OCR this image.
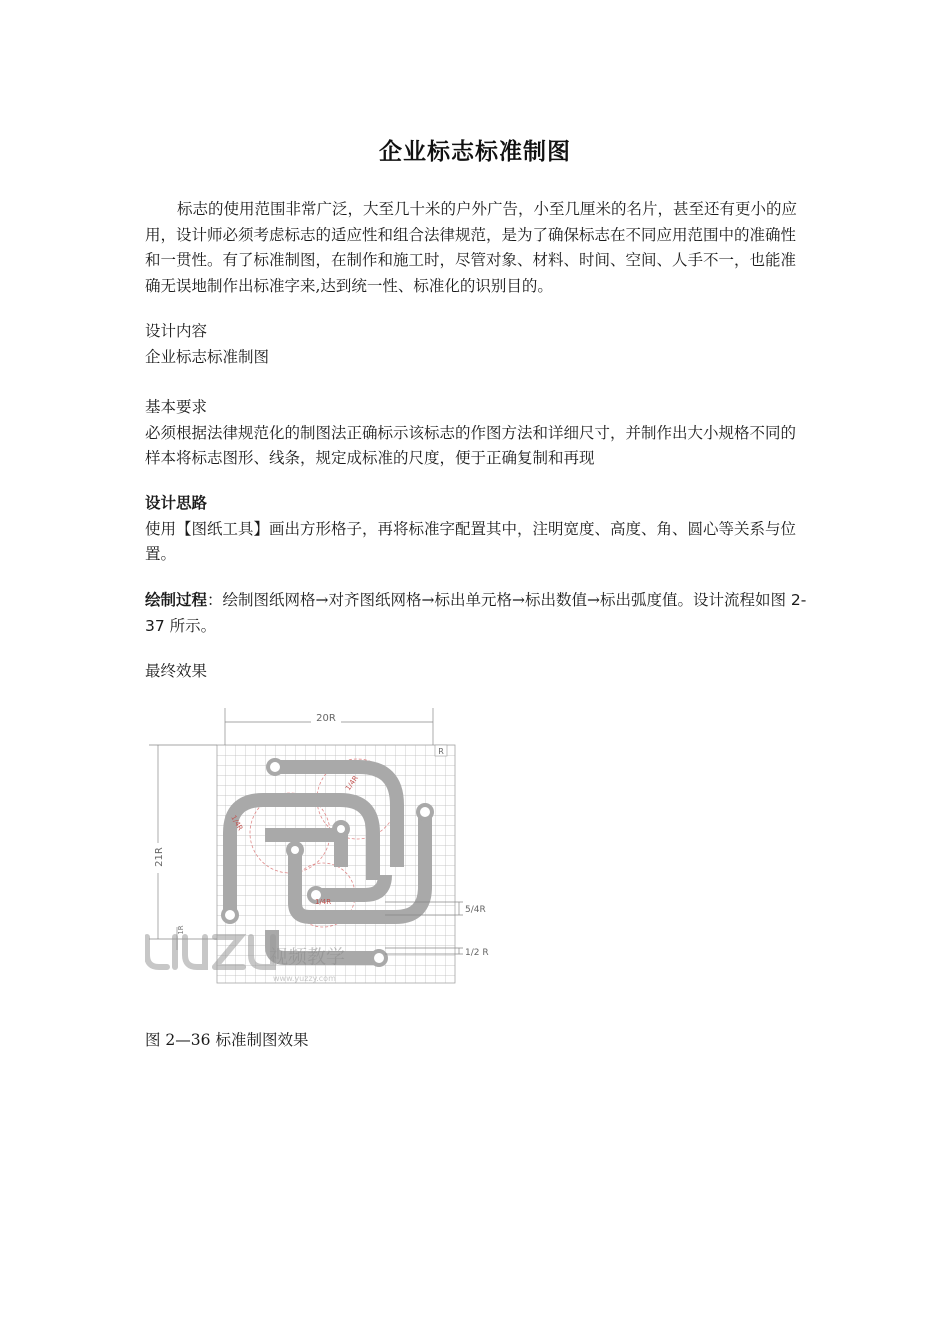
企业标志标准制图
标志的使用范围非常广泛，大至几十米的户外广告，小至几厘米的名片，甚至还有更小的应用，设计师必须考虑标志的适应性和组合法律规范，是为了确保标志在不同应用范围中的准确性和一贯性。有了标准制图，在制作和施工时，尽管对象、材料、时间、空间、人手不一，也能准确无误地制作出标准字来,达到统一性、标准化的识别目的。

设计内容

企业标志标准制图

基本要求

必须根据法律规范化的制图法正确标示该标志的作图方法和详细尺寸，并制作出大小规格不同的样本将标志图形、线条，规定成标准的尺度，便于正确复制和再现

设计思路

使用【图纸工具】画出方形格子，再将标准字配置其中，注明宽度、高度、角、圆心等关系与位置。

绘制过程：绘制图纸网格→对齐图纸网格→标出单元格→标出数值→标出弧度值。设计流程如图 2-37 所示。

最终效果

20R
21R
1R
R
1/4R
1/4R
1/4R
5/4R
1/2 R
视频教学
www.yuzzy.com
图 2—36 标准制图效果
